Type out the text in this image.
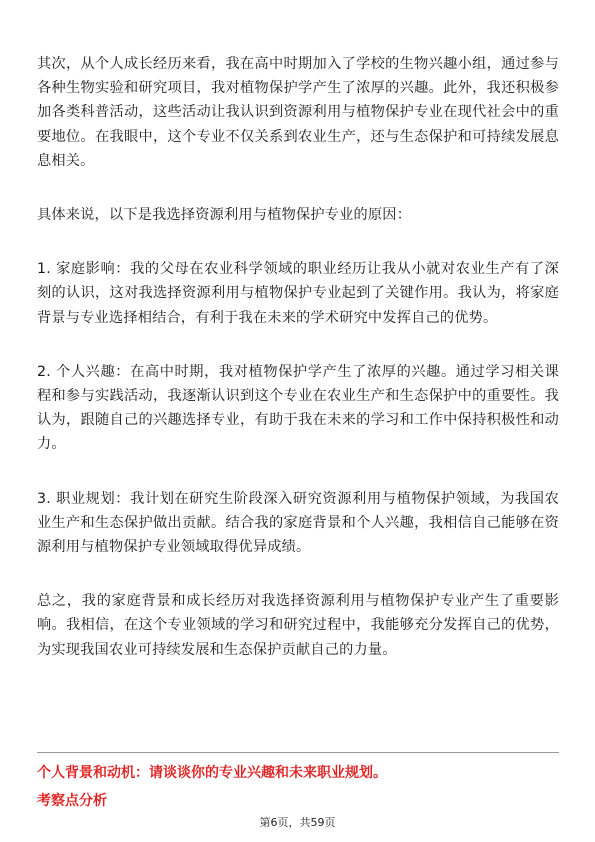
其次，从个人成长经历来看，我在高中时期加入了学校的生物兴趣小组，通过参与各种生物实验和研究项目，我对植物保护学产生了浓厚的兴趣。此外，我还积极参加各类科普活动，这些活动让我认识到资源利用与植物保护专业在现代社会中的重要地位。在我眼中，这个专业不仅关系到农业生产，还与生态保护和可持续发展息息相关。

具体来说，以下是我选择资源利用与植物保护专业的原因：

1. 家庭影响：我的父母在农业科学领域的职业经历让我从小就对农业生产有了深刻的认识，这对我选择资源利用与植物保护专业起到了关键作用。我认为，将家庭背景与专业选择相结合，有利于我在未来的学术研究中发挥自己的优势。

2. 个人兴趣：在高中时期，我对植物保护学产生了浓厚的兴趣。通过学习相关课程和参与实践活动，我逐渐认识到这个专业在农业生产和生态保护中的重要性。我认为，跟随自己的兴趣选择专业，有助于我在未来的学习和工作中保持积极性和动力。

3. 职业规划：我计划在研究生阶段深入研究资源利用与植物保护领域，为我国农业生产和生态保护做出贡献。结合我的家庭背景和个人兴趣，我相信自己能够在资源利用与植物保护专业领域取得优异成绩。

总之，我的家庭背景和成长经历对我选择资源利用与植物保护专业产生了重要影响。我相信，在这个专业领域的学习和研究过程中，我能够充分发挥自己的优势，为实现我国农业可持续发展和生态保护贡献自己的力量。

个人背景和动机：请谈谈你的专业兴趣和未来职业规划。

考察点分析

第6页，共59页
